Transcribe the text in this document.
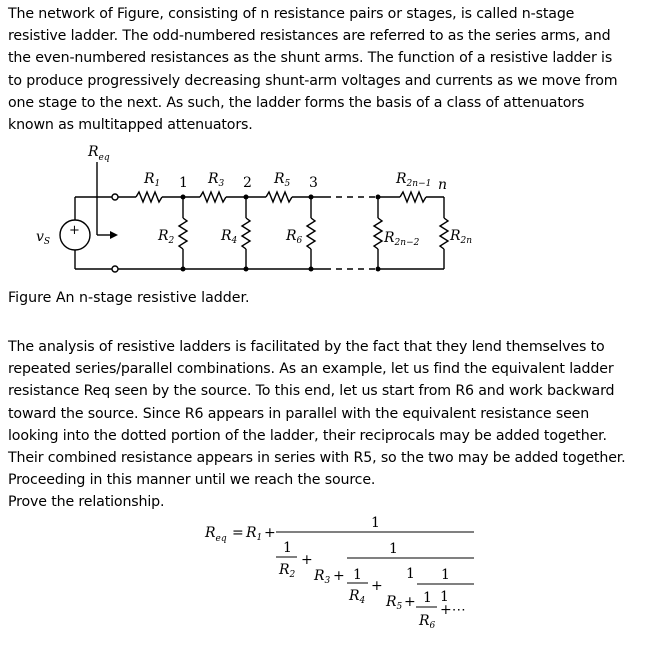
The network of Figure, consisting of n resistance pairs or stages, is called n-stage
resistive ladder. The odd-numbered resistances are referred to as the series arms, and
the even-numbered resistances as the shunt arms. The function of a resistive ladder is
to produce progressively decreasing shunt-arm voltages and currents as we move from
one stage to the next. As such, the ladder forms the basis of a class of attenuators
known as multitapped attenuators.
$R_{eq}$
$v_S$
+
$R_1$ 1 $R_3$ 2 $R_5$ 3	$R_{2n-1}$ n
$R_2$	$R_4$	$R_6$	$R_{2n-2}$ $R_{2n}$
Figure An n-stage resistive ladder.
The analysis of resistive ladders is facilitated by the fact that they lend themselves to
repeated series/parallel combinations. As an example, let us find the equivalent ladder
resistance Req seen by the source. To this end, let us start from R6 and work backward
toward the source. Since R6 appears in parallel with the equivalent resistance seen
looking into the dotted portion of the ladder, their reciprocals may be added together.
Their combined resistance appears in series with R5, so the two may be added together.
Proceeding in this manner until we reach the source.
Prove the relationship.
$R_{eq} = R_1$ +
1
1
$R_2$
+
1
$R_3 + 1$
$R_4$
+
1
$R_5$ +
1
1
1
$R_6$
+⋯
